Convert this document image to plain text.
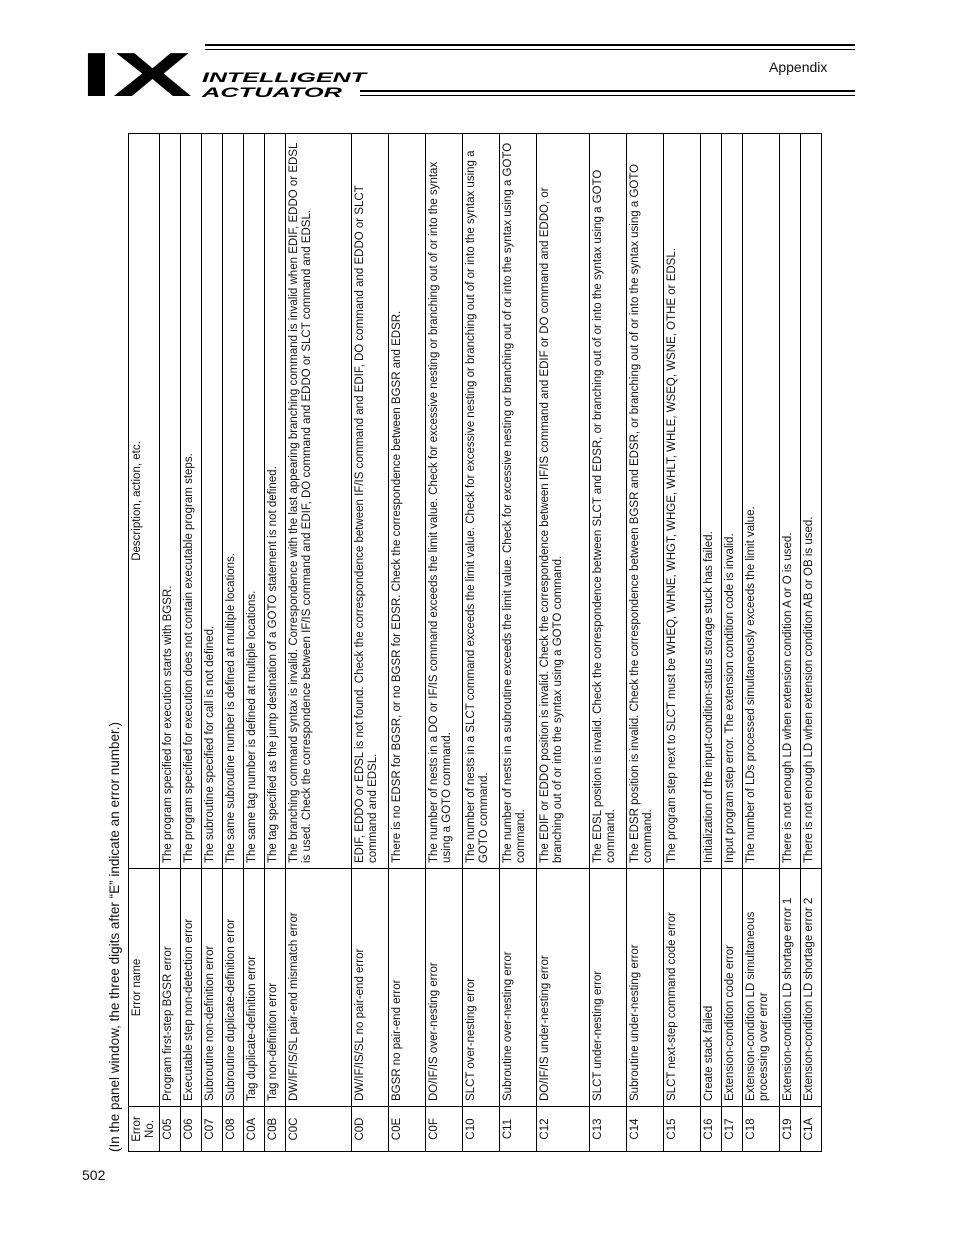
IX INTELLIGENT
ACTUATOR
Appendix
(In the panel window, the three digits after “E” indicate an error number.) Error No.	Error name	Description, action, etc.
C05	Program first-step BGSR error	The program specified for execution starts with BGSR.
C06	Executable step non-detection error	The program specified for execution does not contain executable program steps.
C07	Subroutine non-definition error	The subroutine specified for call is not defined.
C08	Subroutine duplicate-definition error	The same subroutine number is defined at multiple locations.
C0A	Tag duplicate-definition error	The same tag number is defined at multiple locations.
C0B	Tag non-definition error	The tag specified as the jump destination of a GOTO statement is not defined.
C0C	DW/IF/IS/SL pair-end mismatch error	The branching command syntax is invalid. Correspondence with the last appearing branching command is invalid when EDIF, EDDO or EDSL is used. Check the correspondence between IF/IS command and EDIF, DO command and EDDO or SLCT command and EDSL.
C0D	DW/IF/IS/SL no pair-end error	EDIF, EDDO or EDSL is not found. Check the correspondence between IF/IS command and EDIF, DO command and EDDO or SLCT command and EDSL.
C0E	BGSR no pair-end error	There is no EDSR for BGSR, or no BGSR for EDSR. Check the correspondence between BGSR and EDSR.
C0F	DO/IF/IS over-nesting error	The number of nests in a DO or IF/IS command exceeds the limit value. Check for excessive nesting or branching out of or into the syntax using a GOTO command.
C10	SLCT over-nesting error	The number of nests in a SLCT command exceeds the limit value. Check for excessive nesting or branching out of or into the syntax using a GOTO command.
C11	Subroutine over-nesting error	The number of nests in a subroutine exceeds the limit value. Check for excessive nesting or branching out of or into the syntax using a GOTO command.
C12	DO/IF/IS under-nesting error	The EDIF or EDDO position is invalid. Check the correspondence between IF/IS command and EDIF or DO command and EDDO, or branching out of or into the syntax using a GOTO command.
C13	SLCT under-nesting error	The EDSL position is invalid. Check the correspondence between SLCT and EDSR, or branching out of or into the syntax using a GOTO command.
C14	Subroutine under-nesting error	The EDSR position is invalid. Check the correspondence between BGSR and EDSR, or branching out of or into the syntax using a GOTO command.
C15	SLCT next-step command code error	The program step next to SLCT must be WHEQ, WHNE, WHGT, WHGE, WHLT, WHLE, WSEQ, WSNE, OTHE or EDSL.
C16	Create stack failed	Initialization of the input-condition-status storage stuck has failed.
C17	Extension-condition code error	Input program step error. The extension condition code is invalid.
C18	Extension-condition LD simultaneous processing over error	The number of LDs processed simultaneously exceeds the limit value.
C19	Extension-condition LD shortage error 1	There is not enough LD when extension condition A or O is used.
C1A	Extension-condition LD shortage error 2	There is not enough LD when extension condition AB or OB is used.
502
